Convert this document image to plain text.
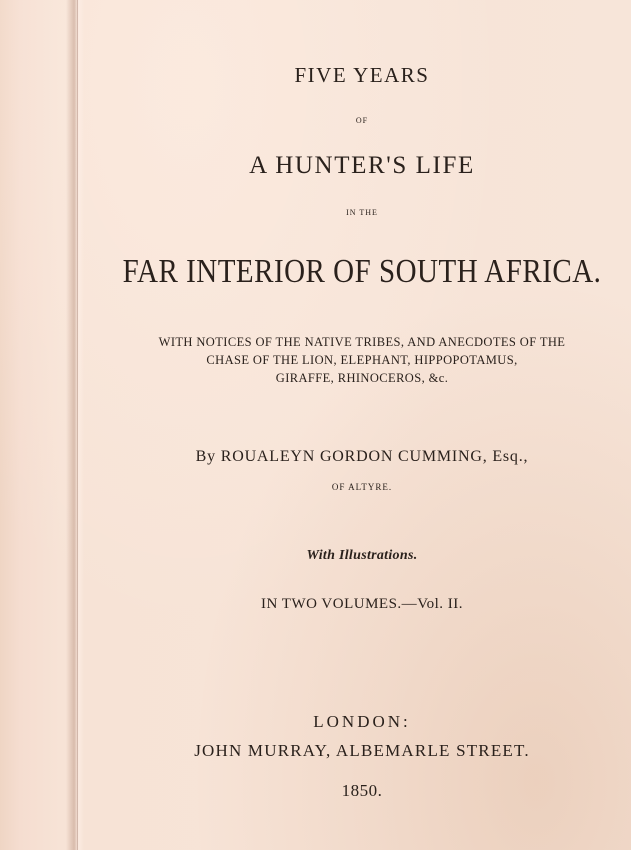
FIVE YEARS
OF
A HUNTER'S LIFE
IN THE
FAR INTERIOR OF SOUTH AFRICA.
WITH NOTICES OF THE NATIVE TRIBES, AND ANECDOTES OF THE
CHASE OF THE LION, ELEPHANT, HIPPOPOTAMUS,
GIRAFFE, RHINOCEROS, &c.
By ROUALEYN GORDON CUMMING, Esq.,
OF ALTYRE.
With Illustrations.
IN TWO VOLUMES.—Vol. II.
LONDON:
JOHN MURRAY, ALBEMARLE STREET.
1850.
